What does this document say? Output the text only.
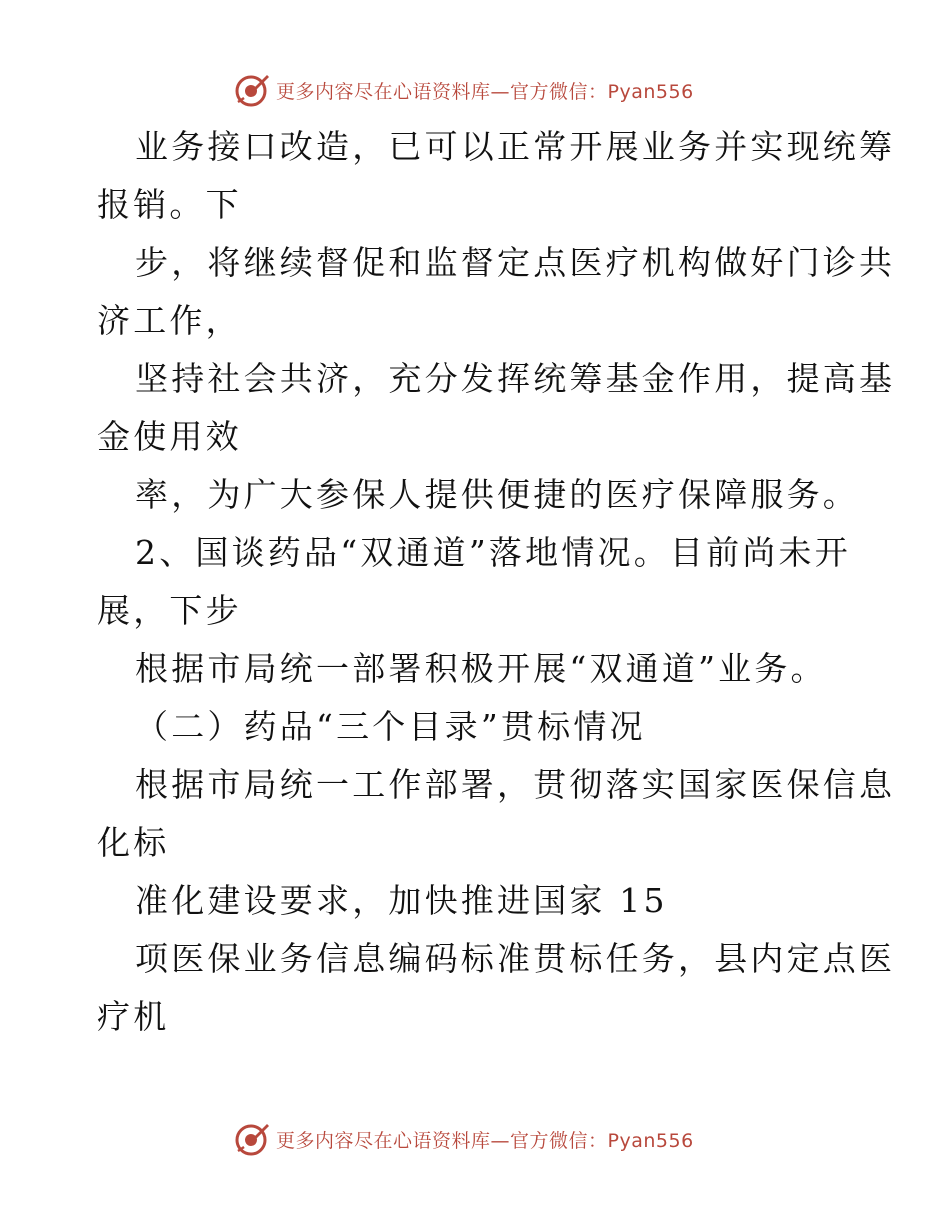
更多内容尽在心语资料库—官方微信：Pyan556
业务接口改造，已可以正常开展业务并实现统筹
报销。下
步，将继续督促和监督定点医疗机构做好门诊共
济工作，
坚持社会共济，充分发挥统筹基金作用，提高基
金使用效
率，为广大参保人提供便捷的医疗保障服务。
2、国谈药品“双通道”落地情况。目前尚未开
展，下步
根据市局统一部署积极开展“双通道”业务。
（二）药品“三个目录”贯标情况
根据市局统一工作部署，贯彻落实国家医保信息
化标
准化建设要求，加快推进国家 15
项医保业务信息编码标准贯标任务，县内定点医
疗机
更多内容尽在心语资料库—官方微信：Pyan556
